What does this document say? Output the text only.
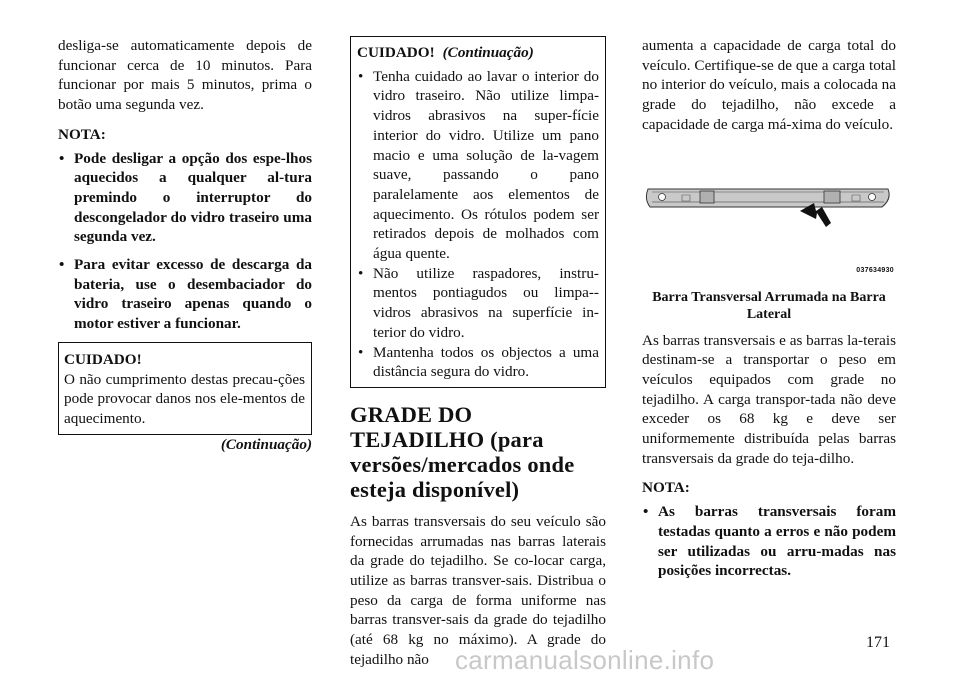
desliga-se automaticamente depois de funcionar cerca de 10 minutos. Para funcionar por mais 5 minutos, prima o botão uma segunda vez.

NOTA:

• Pode desligar a opção dos espe-lhos aquecidos a qualquer al-tura premindo o interruptor do descongelador do vidro traseiro uma segunda vez.
• Para evitar excesso de descarga da bateria, use o desembaciador do vidro traseiro apenas quando o motor estiver a funcionar.
CUIDADO!
O não cumprimento destas precau-ções pode provocar danos nos ele-mentos de aquecimento.
(Continuação)
CUIDADO! (Continuação)
• Tenha cuidado ao lavar o interior do vidro traseiro. Não utilize limpa-vidros abrasivos na super-fície interior do vidro. Utilize um pano macio e uma solução de la-vagem suave, passando o pano paralelamente aos elementos de aquecimento. Os rótulos podem ser retirados depois de molhados com água quente.
• Não utilize raspadores, instru-mentos pontiagudos ou limpa--vidros abrasivos na superfície in-terior do vidro.
• Mantenha todos os objectos a uma distância segura do vidro.
GRADE DO TEJADILHO (para versões/mercados onde esteja disponível)

As barras transversais do seu veículo são fornecidas arrumadas nas barras laterais da grade do tejadilho. Se co-locar carga, utilize as barras transver-sais. Distribua o peso da carga de forma uniforme nas barras transver-sais da grade do tejadilho (até 68 kg no máximo). A grade do tejadilho não

aumenta a capacidade de carga total do veículo. Certifique-se de que a carga total no interior do veículo, mais a colocada na grade do tejadilho, não excede a capacidade de carga má-xima do veículo.

037634930

Barra Transversal Arrumada na Barra Lateral

As barras transversais e as barras la-terais destinam-se a transportar o peso em veículos equipados com grade no tejadilho. A carga transpor-tada não deve exceder os 68 kg e deve ser uniformemente distribuída pelas barras transversais da grade do teja-dilho.

NOTA:

• As barras transversais foram testadas quanto a erros e não podem ser utilizadas ou arru-madas nas posições incorrectas.
171
carmanualsonline.info
